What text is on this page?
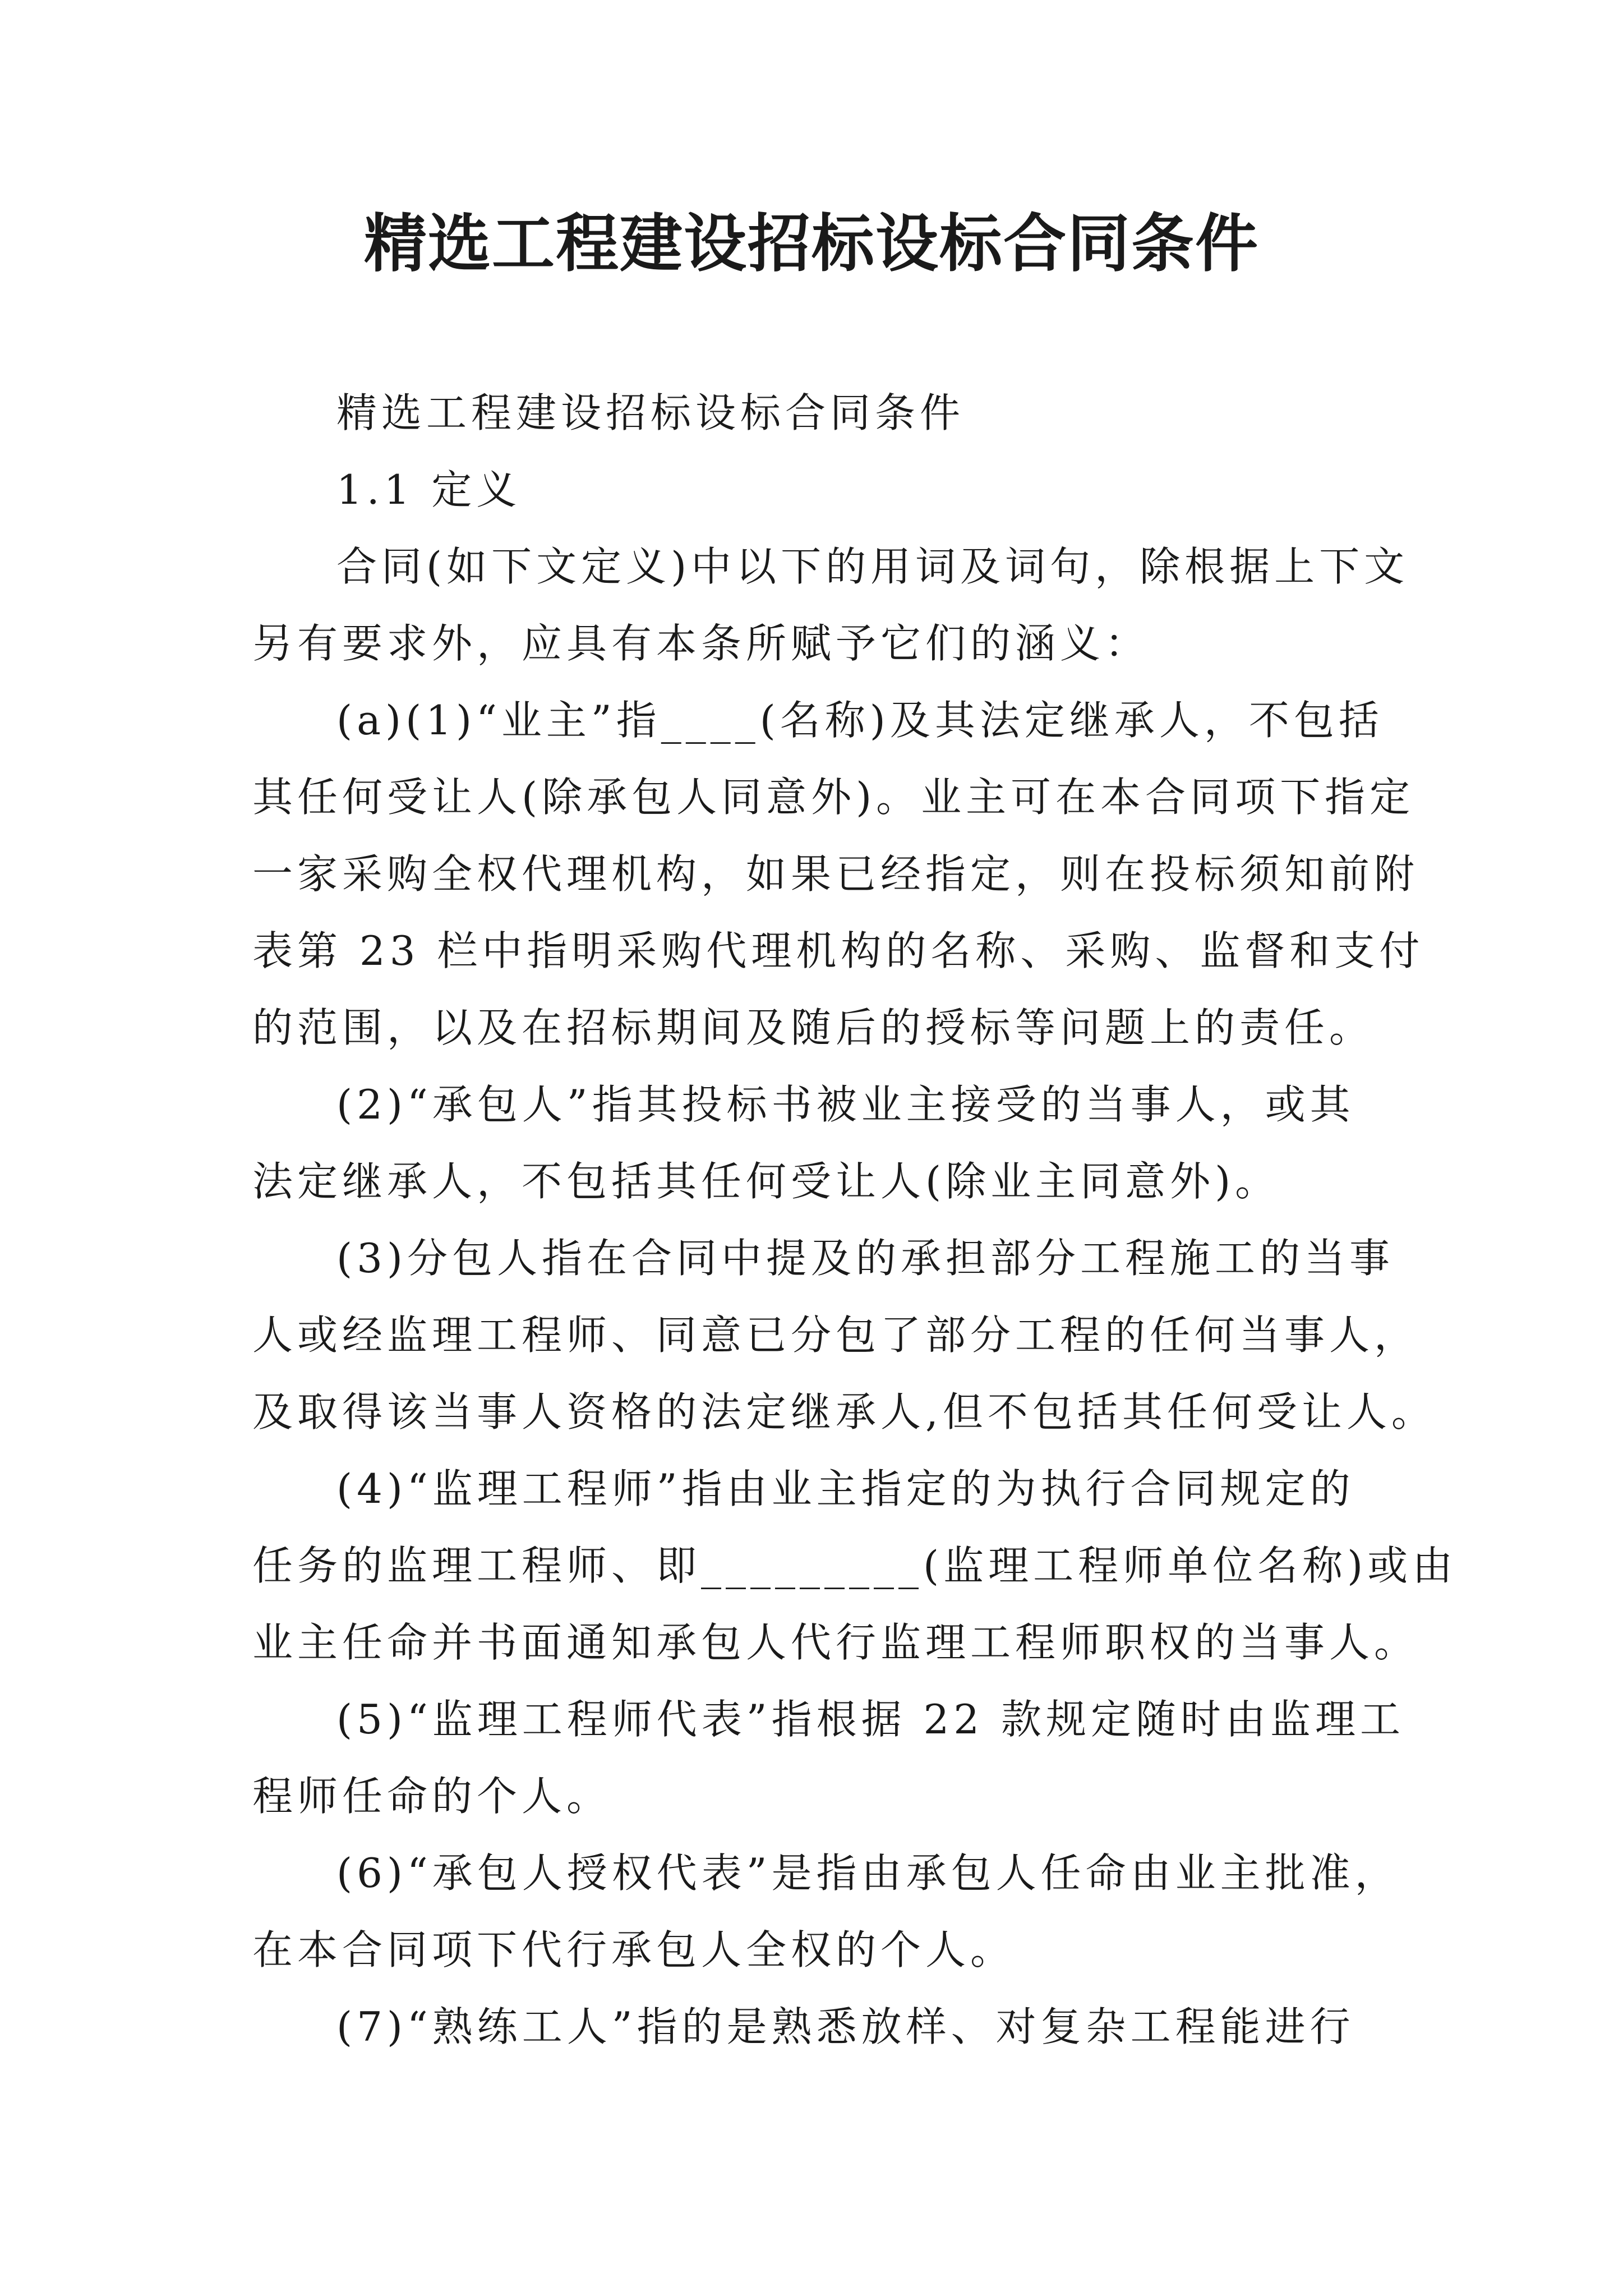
精选工程建设招标设标合同条件
精选工程建设招标设标合同条件
1.1 定义
合同(如下文定义)中以下的用词及词句，除根据上下文
另有要求外，应具有本条所赋予它们的涵义：
(a)(1)“业主”指____(名称)及其法定继承人，不包括
其任何受让人(除承包人同意外)。业主可在本合同项下指定
一家采购全权代理机构，如果已经指定，则在投标须知前附
表第 23 栏中指明采购代理机构的名称、采购、监督和支付
的范围，以及在招标期间及随后的授标等问题上的责任。
(2)“承包人”指其投标书被业主接受的当事人，或其
法定继承人，不包括其任何受让人(除业主同意外)。
(3)分包人指在合同中提及的承担部分工程施工的当事
人或经监理工程师、同意已分包了部分工程的任何当事人，
及取得该当事人资格的法定继承人,但不包括其任何受让人。
(4)“监理工程师”指由业主指定的为执行合同规定的
任务的监理工程师、即_________(监理工程师单位名称)或由
业主任命并书面通知承包人代行监理工程师职权的当事人。
(5)“监理工程师代表”指根据 22 款规定随时由监理工
程师任命的个人。
(6)“承包人授权代表”是指由承包人任命由业主批准，
在本合同项下代行承包人全权的个人。
(7)“熟练工人”指的是熟悉放样、对复杂工程能进行
